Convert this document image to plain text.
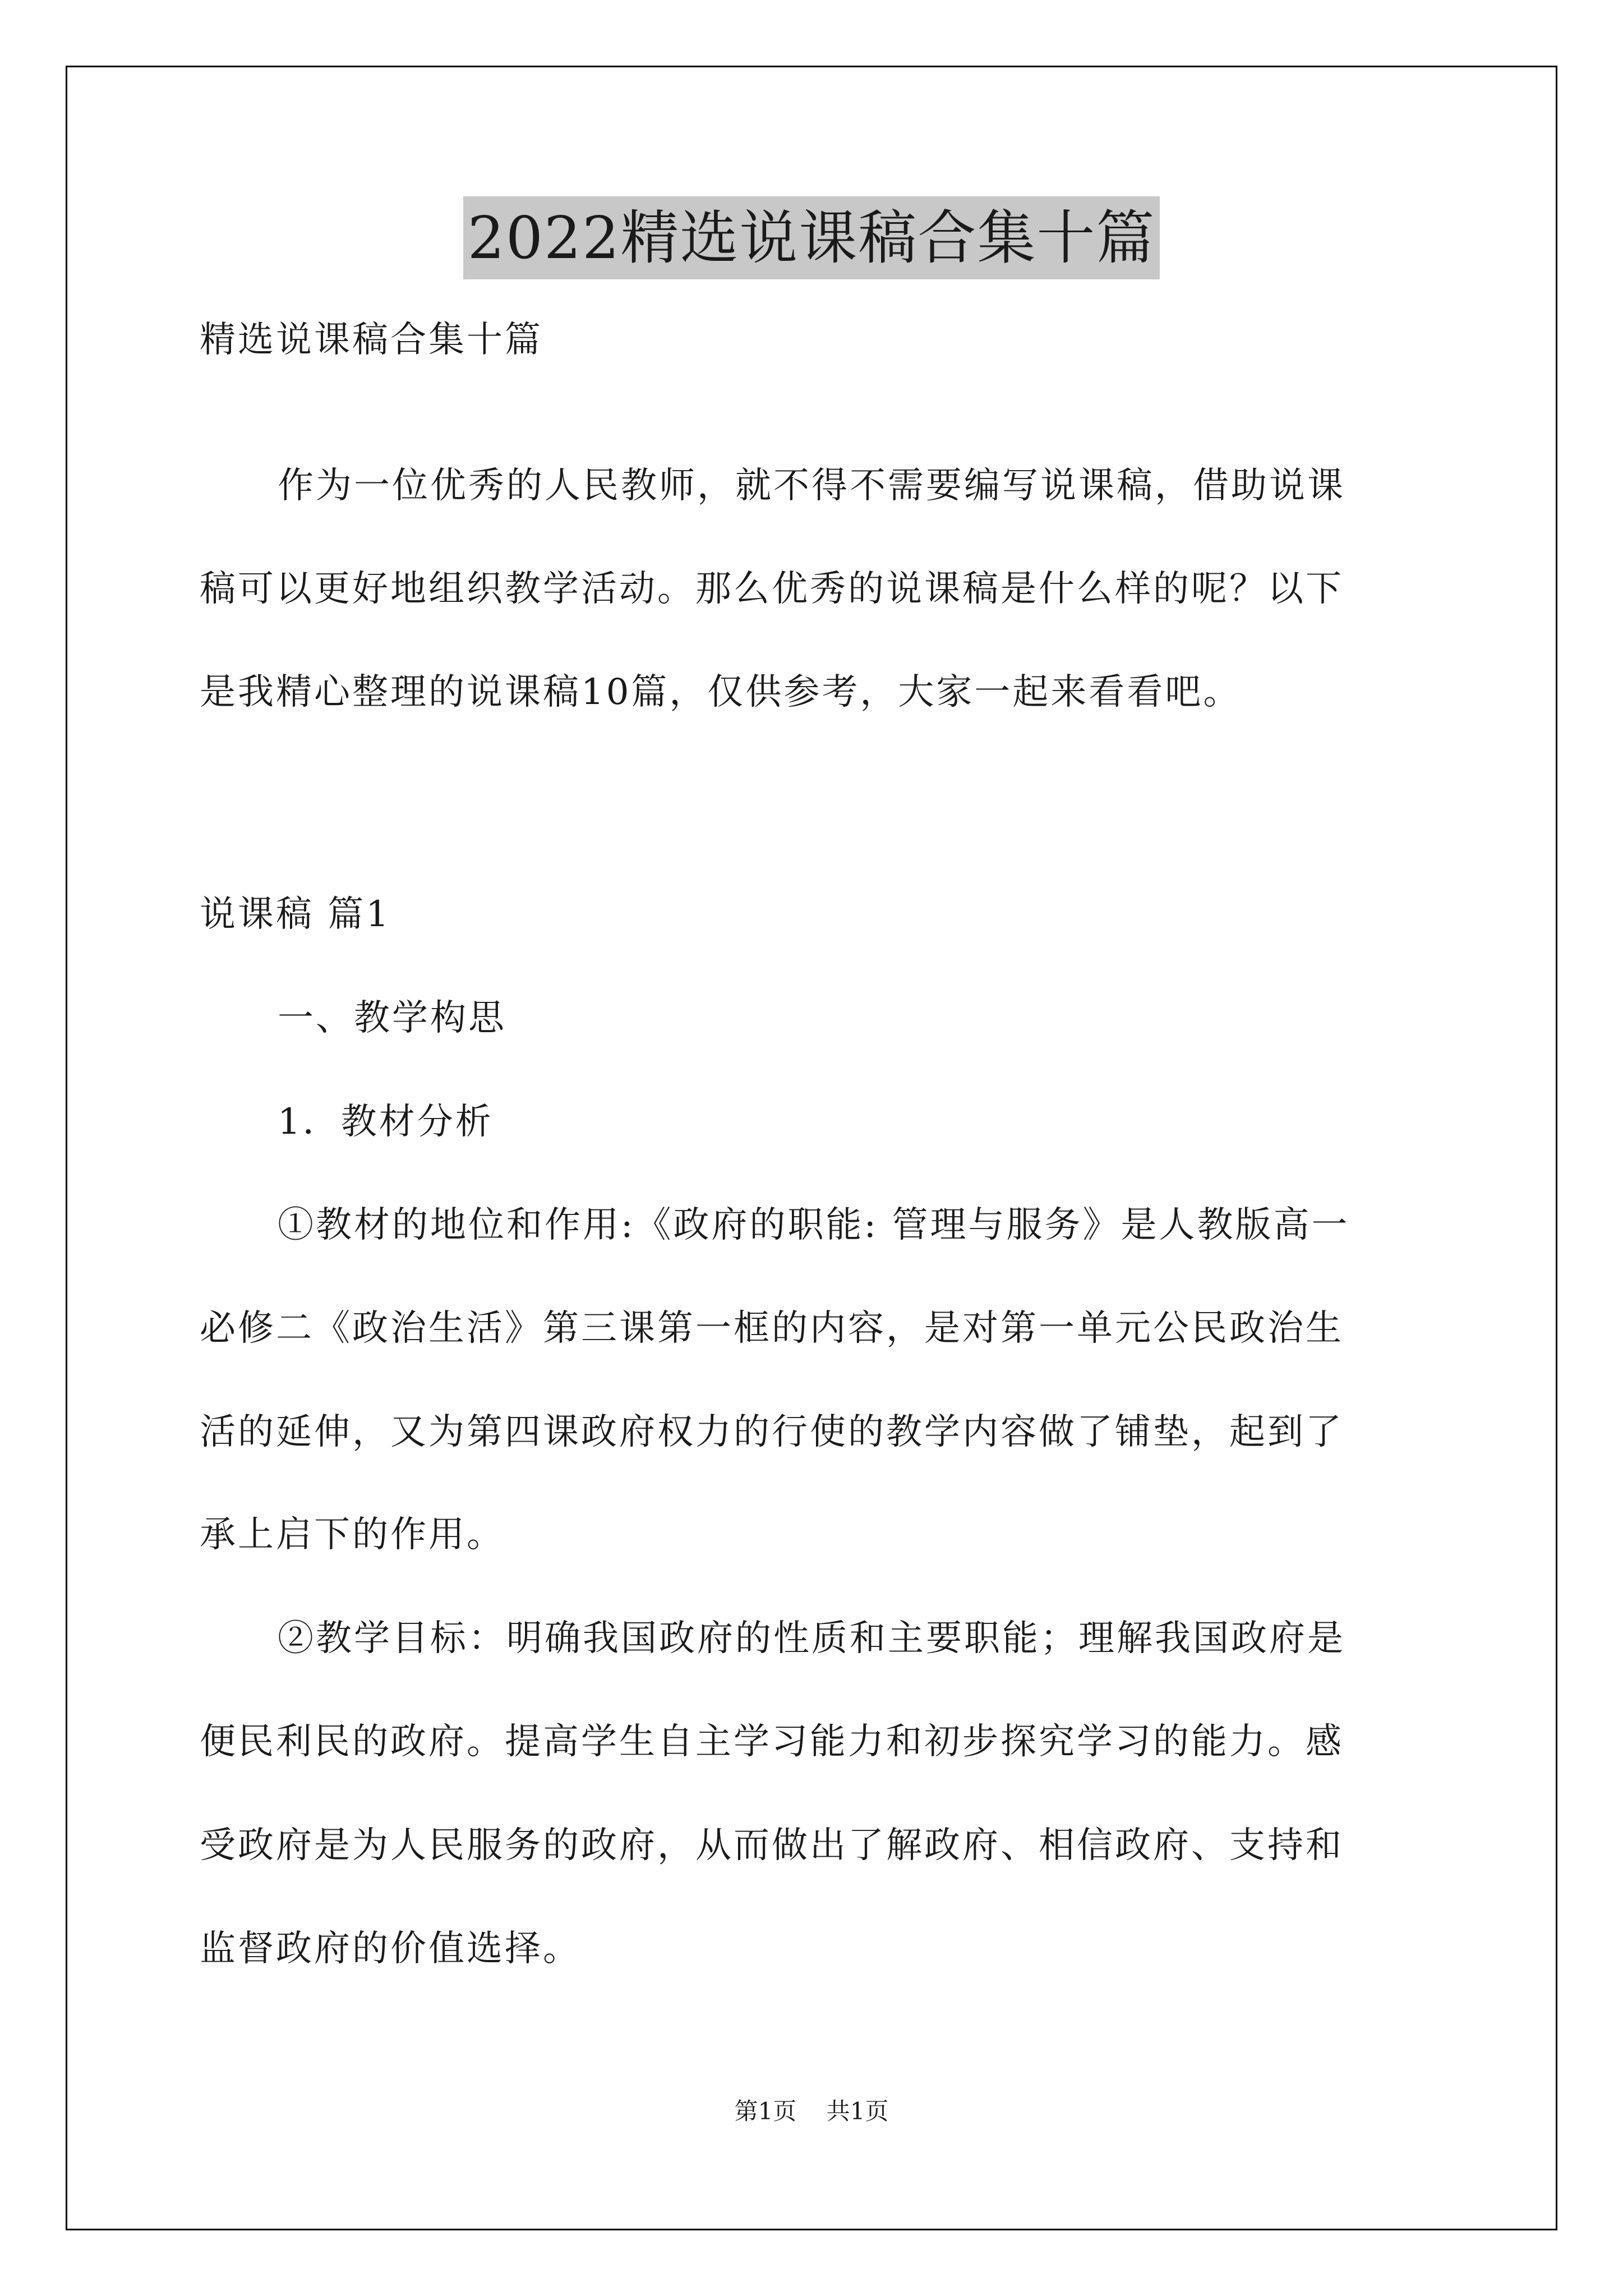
2022精选说课稿合集十篇
精选说课稿合集十篇
作为一位优秀的人民教师，就不得不需要编写说课稿，借助说课
稿可以更好地组织教学活动。那么优秀的说课稿是什么样的呢？以下
是我精心整理的说课稿10篇，仅供参考，大家一起来看看吧。
说课稿 篇1
一、教学构思
1．教材分析
①教材的地位和作用:《政府的职能: 管理与服务》是人教版高一
必修二《政治生活》第三课第一框的内容，是对第一单元公民政治生
活的延伸，又为第四课政府权力的行使的教学内容做了铺垫，起到了
承上启下的作用。
②教学目标：明确我国政府的性质和主要职能；理解我国政府是
便民利民的政府。提高学生自主学习能力和初步探究学习的能力。感
受政府是为人民服务的政府，从而做出了解政府、相信政府、支持和
监督政府的价值选择。
第1页 共1页
